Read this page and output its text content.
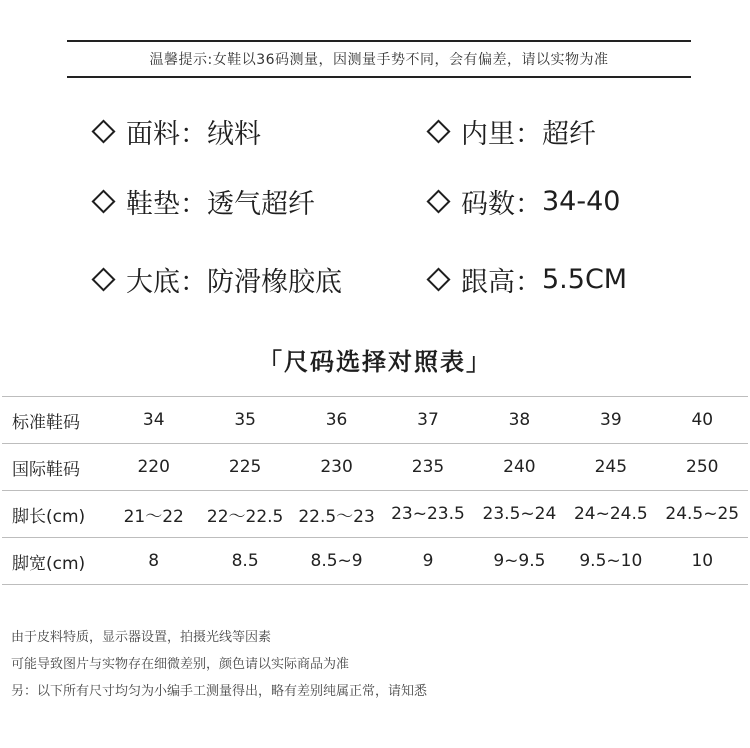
温馨提示:女鞋以36码测量，因测量手势不同，会有偏差，请以实物为准
面料： 绒料	内里： 超纤
鞋垫： 透气超纤	码数： 34-40
大底： 防滑橡胶底	跟高： 5.5CM
「尺码选择对照表」
标准鞋码	34	35	36	37	38	39	40
国际鞋码	220	225	230	235	240	245	250
脚长(cm)	21～22	22～22.5	22.5～23	23~23.5	23.5~24	24~24.5	24.5~25
脚宽(cm)	8	8.5	8.5~9	9	9~9.5	9.5~10	10
由于皮料特质，显示器设置，拍摄光线等因素
可能导致图片与实物存在细微差别，颜色请以实际商品为准
另：以下所有尺寸均匀为小编手工测量得出，略有差别纯属正常，请知悉
